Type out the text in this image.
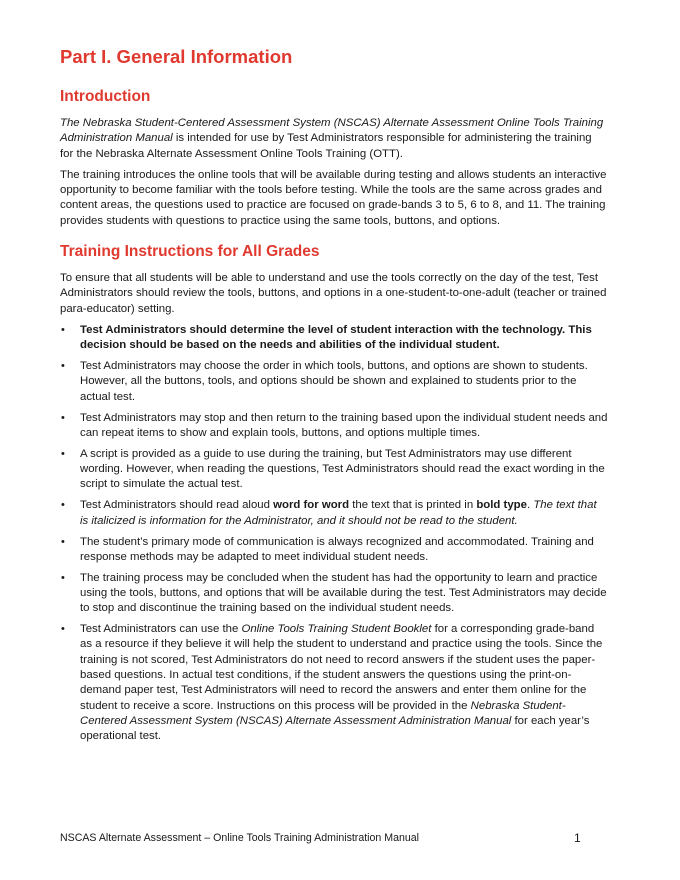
Part I. General Information
Introduction

The Nebraska Student-Centered Assessment System (NSCAS) Alternate Assessment Online Tools Training Administration Manual is intended for use by Test Administrators responsible for administering the training for the Nebraska Alternate Assessment Online Tools Training (OTT).

The training introduces the online tools that will be available during testing and allows students an interactive opportunity to become familiar with the tools before testing. While the tools are the same across grades and content areas, the questions used to practice are focused on grade-bands 3 to 5, 6 to 8, and 11. The training provides students with questions to practice using the same tools, buttons, and options.

Training Instructions for All Grades

To ensure that all students will be able to understand and use the tools correctly on the day of the test, Test Administrators should review the tools, buttons, and options in a one-student-to-one-adult (teacher or trained para-educator) setting.

• Test Administrators should determine the level of student interaction with the technology. This decision should be based on the needs and abilities of the individual student.
• Test Administrators may choose the order in which tools, buttons, and options are shown to students. However, all the buttons, tools, and options should be shown and explained to students prior to the actual test.
• Test Administrators may stop and then return to the training based upon the individual student needs and can repeat items to show and explain tools, buttons, and options multiple times.
• A script is provided as a guide to use during the training, but Test Administrators may use different wording. However, when reading the questions, Test Administrators should read the exact wording in the script to simulate the actual test.
• Test Administrators should read aloud word for word the text that is printed in bold type. The text that is italicized is information for the Administrator, and it should not be read to the student.
• The student’s primary mode of communication is always recognized and accommodated. Training and response methods may be adapted to meet individual student needs.
• The training process may be concluded when the student has had the opportunity to learn and practice using the tools, buttons, and options that will be available during the test. Test Administrators may decide to stop and discontinue the training based on the individual student needs.
• Test Administrators can use the Online Tools Training Student Booklet for a corresponding grade-band as a resource if they believe it will help the student to understand and practice using the tools. Since the training is not scored, Test Administrators do not need to record answers if the student uses the paper-based questions. In actual test conditions, if the student answers the questions using the print-on-demand paper test, Test Administrators will need to record the answers and enter them online for the student to receive a score. Instructions on this process will be provided in the Nebraska Student-Centered Assessment System (NSCAS) Alternate Assessment Administration Manual for each year’s operational test.
NSCAS Alternate Assessment – Online Tools Training Administration Manual	1
